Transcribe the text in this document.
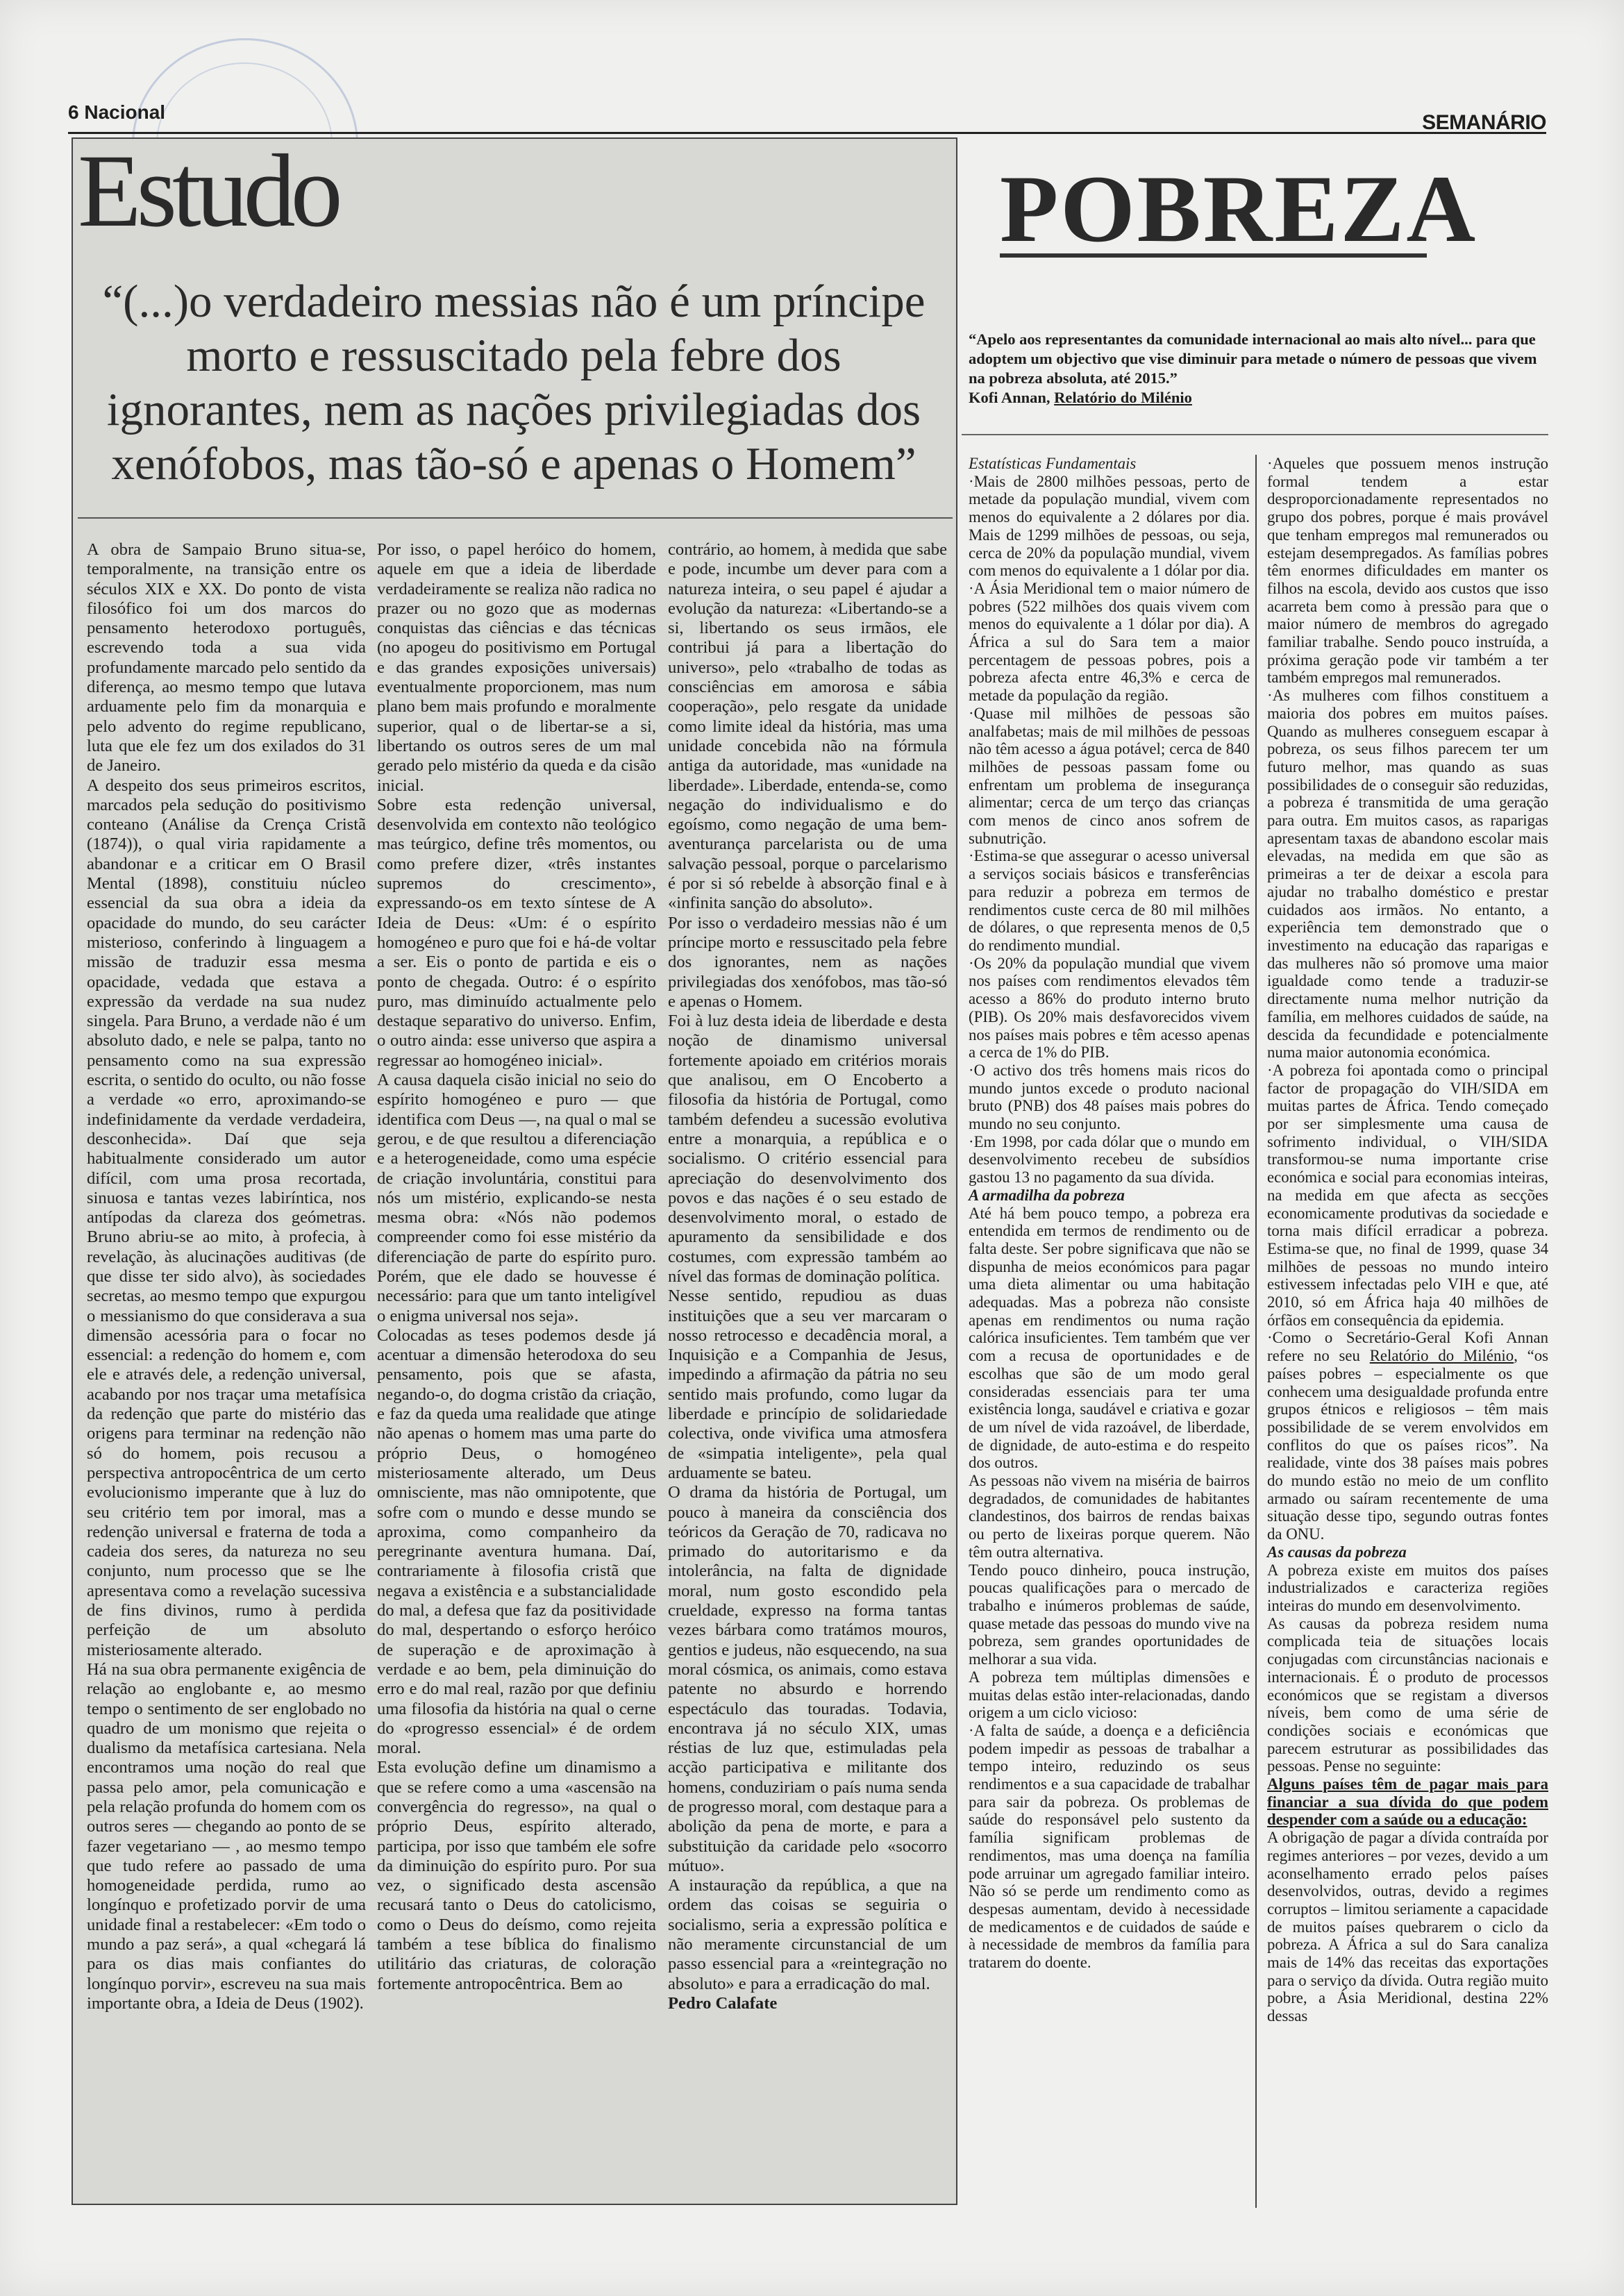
6 Nacional	SEMANÁRIO
Estudo
“(...)o verdadeiro messias não é um príncipe morto e ressuscitado pela febre dos ignorantes, nem as nações privilegiadas dos xenófobos, mas tão-só e apenas o Homem”

A obra de Sampaio Bruno situa-se, temporalmente, na transição entre os séculos XIX e XX. Do ponto de vista filosófico foi um dos marcos do pensamento heterodoxo português, escrevendo toda a sua vida profundamente marcado pelo sentido da diferença, ao mesmo tempo que lutava arduamente pelo fim da monarquia e pelo advento do regime republicano, luta que ele fez um dos exilados do 31 de Janeiro.

A despeito dos seus primeiros escritos, marcados pela sedução do positivismo conteano (Análise da Crença Cristã (1874)), o qual viria rapidamente a abandonar e a criticar em O Brasil Mental (1898), constituiu núcleo essencial da sua obra a ideia da opacidade do mundo, do seu carácter misterioso, conferindo à linguagem a missão de traduzir essa mesma opacidade, vedada que estava a expressão da verdade na sua nudez singela. Para Bruno, a verdade não é um absoluto dado, e nele se palpa, tanto no pensamento como na sua expressão escrita, o sentido do oculto, ou não fosse a verdade «o erro, aproximando-se indefinidamente da verdade verdadeira, desconhecida». Daí que seja habitualmente considerado um autor difícil, com uma prosa recortada, sinuosa e tantas vezes labiríntica, nos antípodas da clareza dos geómetras. Bruno abriu-se ao mito, à profecia, à revelação, às alucinações auditivas (de que disse ter sido alvo), às sociedades secretas, ao mesmo tempo que expurgou o messianismo do que considerava a sua dimensão acessória para o focar no essencial: a redenção do homem e, com ele e através dele, a redenção universal, acabando por nos traçar uma metafísica da redenção que parte do mistério das origens para terminar na redenção não só do homem, pois recusou a perspectiva antropocêntrica de um certo evolucionismo imperante que à luz do seu critério tem por imoral, mas a redenção universal e fraterna de toda a cadeia dos seres, da natureza no seu conjunto, num processo que se lhe apresentava como a revelação sucessiva de fins divinos, rumo à perdida perfeição de um absoluto misteriosamente alterado.

Há na sua obra permanente exigência de relação ao englobante e, ao mesmo tempo o sentimento de ser englobado no quadro de um monismo que rejeita o dualismo da metafísica cartesiana. Nela encontramos uma noção do real que passa pelo amor, pela comunicação e pela relação profunda do homem com os outros seres — chegando ao ponto de se fazer vegetariano — , ao mesmo tempo que tudo refere ao passado de uma homogeneidade perdida, rumo ao longínquo e profetizado porvir de uma unidade final a restabelecer: «Em todo o mundo a paz será», a qual «chegará lá para os dias mais confiantes do longínquo porvir», escreveu na sua mais importante obra, a Ideia de Deus (1902).

Por isso, o papel heróico do homem, aquele em que a ideia de liberdade verdadeiramente se realiza não radica no prazer ou no gozo que as modernas conquistas das ciências e das técnicas (no apogeu do positivismo em Portugal e das grandes exposições universais) eventualmente proporcionem, mas num plano bem mais profundo e moralmente superior, qual o de libertar-se a si, libertando os outros seres de um mal gerado pelo mistério da queda e da cisão inicial.

Sobre esta redenção universal, desenvolvida em contexto não teológico mas teúrgico, define três momentos, ou como prefere dizer, «três instantes supremos do crescimento», expressando-os em texto síntese de A Ideia de Deus: «Um: é o espírito homogéneo e puro que foi e há-de voltar a ser. Eis o ponto de partida e eis o ponto de chegada. Outro: é o espírito puro, mas diminuído actualmente pelo destaque separativo do universo. Enfim, o outro ainda: esse universo que aspira a regressar ao homogéneo inicial».

A causa daquela cisão inicial no seio do espírito homogéneo e puro — que identifica com Deus —, na qual o mal se gerou, e de que resultou a diferenciação e a heterogeneidade, como uma espécie de criação involuntária, constitui para nós um mistério, explicando-se nesta mesma obra: «Nós não podemos compreender como foi esse mistério da diferenciação de parte do espírito puro. Porém, que ele dado se houvesse é necessário: para que um tanto inteligível o enigma universal nos seja».

Colocadas as teses podemos desde já acentuar a dimensão heterodoxa do seu pensamento, pois que se afasta, negando-o, do dogma cristão da criação, e faz da queda uma realidade que atinge não apenas o homem mas uma parte do próprio Deus, o homogéneo misteriosamente alterado, um Deus omnisciente, mas não omnipotente, que sofre com o mundo e desse mundo se aproxima, como companheiro da peregrinante aventura humana. Daí, contrariamente à filosofia cristã que negava a existência e a substancialidade do mal, a defesa que faz da positividade do mal, despertando o esforço heróico de superação e de aproximação à verdade e ao bem, pela diminuição do erro e do mal real, razão por que definiu uma filosofia da história na qual o cerne do «progresso essencial» é de ordem moral.

Esta evolução define um dinamismo a que se refere como a uma «ascensão na convergência do regresso», na qual o próprio Deus, espírito alterado, participa, por isso que também ele sofre da diminuição do espírito puro. Por sua vez, o significado desta ascensão recusará tanto o Deus do catolicismo, como o Deus do deísmo, como rejeita também a tese bíblica do finalismo utilitário das criaturas, de coloração fortemente antropocêntrica. Bem ao

contrário, ao homem, à medida que sabe e pode, incumbe um dever para com a natureza inteira, o seu papel é ajudar a evolução da natureza: «Libertando-se a si, libertando os seus irmãos, ele contribui já para a libertação do universo», pelo «trabalho de todas as consciências em amorosa e sábia cooperação», pelo resgate da unidade como limite ideal da história, mas uma unidade concebida não na fórmula antiga da autoridade, mas «unidade na liberdade». Liberdade, entenda-se, como negação do individualismo e do egoísmo, como negação de uma bem-aventurança parcelarista ou de uma salvação pessoal, porque o parcelarismo é por si só rebelde à absorção final e à «infinita sanção do absoluto».

Por isso o verdadeiro messias não é um príncipe morto e ressuscitado pela febre dos ignorantes, nem as nações privilegiadas dos xenófobos, mas tão-só e apenas o Homem.

Foi à luz desta ideia de liberdade e desta noção de dinamismo universal fortemente apoiado em critérios morais que analisou, em O Encoberto a filosofia da história de Portugal, como também defendeu a sucessão evolutiva entre a monarquia, a república e o socialismo. O critério essencial para apreciação do desenvolvimento dos povos e das nações é o seu estado de desenvolvimento moral, o estado de apuramento da sensibilidade e dos costumes, com expressão também ao nível das formas de dominação política.

Nesse sentido, repudiou as duas instituições que a seu ver marcaram o nosso retrocesso e decadência moral, a Inquisição e a Companhia de Jesus, impedindo a afirmação da pátria no seu sentido mais profundo, como lugar da liberdade e princípio de solidariedade colectiva, onde vivifica uma atmosfera de «simpatia inteligente», pela qual arduamente se bateu.

O drama da história de Portugal, um pouco à maneira da consciência dos teóricos da Geração de 70, radicava no primado do autoritarismo e da intolerância, na falta de dignidade moral, num gosto escondido pela crueldade, expresso na forma tantas vezes bárbara como tratámos mouros, gentios e judeus, não esquecendo, na sua moral cósmica, os animais, como estava patente no absurdo e horrendo espectáculo das touradas. Todavia, encontrava já no século XIX, umas réstias de luz que, estimuladas pela acção participativa e militante dos homens, conduziriam o país numa senda de progresso moral, com destaque para a abolição da pena de morte, e para a substituição da caridade pelo «socorro mútuo».

A instauração da república, a que na ordem das coisas se seguiria o socialismo, seria a expressão política e não meramente circunstancial de um passo essencial para a «reintegração no absoluto» e para a erradicação do mal.

Pedro Calafate

POBREZA
“Apelo aos representantes da comunidade internacional ao mais alto nível... para que adoptem um objectivo que vise diminuir para metade o número de pessoas que vivem na pobreza absoluta, até 2015.”
Kofi Annan, Relatório do Milénio

Estatísticas Fundamentais

·Mais de 2800 milhões pessoas, perto de metade da população mundial, vivem com menos do equivalente a 2 dólares por dia. Mais de 1299 milhões de pessoas, ou seja, cerca de 20% da população mundial, vivem com menos do equivalente a 1 dólar por dia.

·A Ásia Meridional tem o maior número de pobres (522 milhões dos quais vivem com menos do equivalente a 1 dólar por dia). A África a sul do Sara tem a maior percentagem de pessoas pobres, pois a pobreza afecta entre 46,3% e cerca de metade da população da região.

·Quase mil milhões de pessoas são analfabetas; mais de mil milhões de pessoas não têm acesso a água potável; cerca de 840 milhões de pessoas passam fome ou enfrentam um problema de insegurança alimentar; cerca de um terço das crianças com menos de cinco anos sofrem de subnutrição.

·Estima-se que assegurar o acesso universal a serviços sociais básicos e transferências para reduzir a pobreza em termos de rendimentos custe cerca de 80 mil milhões de dólares, o que representa menos de 0,5 do rendimento mundial.

·Os 20% da população mundial que vivem nos países com rendimentos elevados têm acesso a 86% do produto interno bruto (PIB). Os 20% mais desfavorecidos vivem nos países mais pobres e têm acesso apenas a cerca de 1% do PIB.

·O activo dos três homens mais ricos do mundo juntos excede o produto nacional bruto (PNB) dos 48 países mais pobres do mundo no seu conjunto.

·Em 1998, por cada dólar que o mundo em desenvolvimento recebeu de subsídios gastou 13 no pagamento da sua dívida.

A armadilha da pobreza

Até há bem pouco tempo, a pobreza era entendida em termos de rendimento ou de falta deste. Ser pobre significava que não se dispunha de meios económicos para pagar uma dieta alimentar ou uma habitação adequadas. Mas a pobreza não consiste apenas em rendimentos ou numa ração calórica insuficientes. Tem também que ver com a recusa de oportunidades e de escolhas que são de um modo geral consideradas essenciais para ter uma existência longa, saudável e criativa e gozar de um nível de vida razoável, de liberdade, de dignidade, de auto-estima e do respeito dos outros.

As pessoas não vivem na miséria de bairros degradados, de comunidades de habitantes clandestinos, dos bairros de rendas baixas ou perto de lixeiras porque querem. Não têm outra alternativa.

Tendo pouco dinheiro, pouca instrução, poucas qualificações para o mercado de trabalho e inúmeros problemas de saúde, quase metade das pessoas do mundo vive na pobreza, sem grandes oportunidades de melhorar a sua vida.

A pobreza tem múltiplas dimensões e muitas delas estão inter-relacionadas, dando origem a um ciclo vicioso:

·A falta de saúde, a doença e a deficiência podem impedir as pessoas de trabalhar a tempo inteiro, reduzindo os seus rendimentos e a sua capacidade de trabalhar para sair da pobreza. Os problemas de saúde do responsável pelo sustento da família significam problemas de rendimentos, mas uma doença na família pode arruinar um agregado familiar inteiro. Não só se perde um rendimento como as despesas aumentam, devido à necessidade de medicamentos e de cuidados de saúde e à necessidade de membros da família para tratarem do doente.

·Aqueles que possuem menos instrução formal tendem a estar desproporcionadamente representados no grupo dos pobres, porque é mais provável que tenham empregos mal remunerados ou estejam desempregados. As famílias pobres têm enormes dificuldades em manter os filhos na escola, devido aos custos que isso acarreta bem como à pressão para que o maior número de membros do agregado familiar trabalhe. Sendo pouco instruída, a próxima geração pode vir também a ter também empregos mal remunerados.

·As mulheres com filhos constituem a maioria dos pobres em muitos países. Quando as mulheres conseguem escapar à pobreza, os seus filhos parecem ter um futuro melhor, mas quando as suas possibilidades de o conseguir são reduzidas, a pobreza é transmitida de uma geração para outra. Em muitos casos, as raparigas apresentam taxas de abandono escolar mais elevadas, na medida em que são as primeiras a ter de deixar a escola para ajudar no trabalho doméstico e prestar cuidados aos irmãos. No entanto, a experiência tem demonstrado que o investimento na educação das raparigas e das mulheres não só promove uma maior igualdade como tende a traduzir-se directamente numa melhor nutrição da família, em melhores cuidados de saúde, na descida da fecundidade e potencialmente numa maior autonomia económica.

·A pobreza foi apontada como o principal factor de propagação do VIH/SIDA em muitas partes de África. Tendo começado por ser simplesmente uma causa de sofrimento individual, o VIH/SIDA transformou-se numa importante crise económica e social para economias inteiras, na medida em que afecta as secções economicamente produtivas da sociedade e torna mais difícil erradicar a pobreza. Estima-se que, no final de 1999, quase 34 milhões de pessoas no mundo inteiro estivessem infectadas pelo VIH e que, até 2010, só em África haja 40 milhões de órfãos em consequência da epidemia.

·Como o Secretário-Geral Kofi Annan refere no seu Relatório do Milénio, “os países pobres – especialmente os que conhecem uma desigualdade profunda entre grupos étnicos e religiosos – têm mais possibilidade de se verem envolvidos em conflitos do que os países ricos”. Na realidade, vinte dos 38 países mais pobres do mundo estão no meio de um conflito armado ou saíram recentemente de uma situação desse tipo, segundo outras fontes da ONU.

As causas da pobreza

A pobreza existe em muitos dos países industrializados e caracteriza regiões inteiras do mundo em desenvolvimento.

As causas da pobreza residem numa complicada teia de situações locais conjugadas com circunstâncias nacionais e internacionais. É o produto de processos económicos que se registam a diversos níveis, bem como de uma série de condições sociais e económicas que parecem estruturar as possibilidades das pessoas. Pense no seguinte:

Alguns países têm de pagar mais para financiar a sua dívida do que podem despender com a saúde ou a educação:

A obrigação de pagar a dívida contraída por regimes anteriores – por vezes, devido a um aconselhamento errado pelos países desenvolvidos, outras, devido a regimes corruptos – limitou seriamente a capacidade de muitos países quebrarem o ciclo da pobreza. A África a sul do Sara canaliza mais de 14% das receitas das exportações para o serviço da dívida. Outra região muito pobre, a Ásia Meridional, destina 22% dessas
